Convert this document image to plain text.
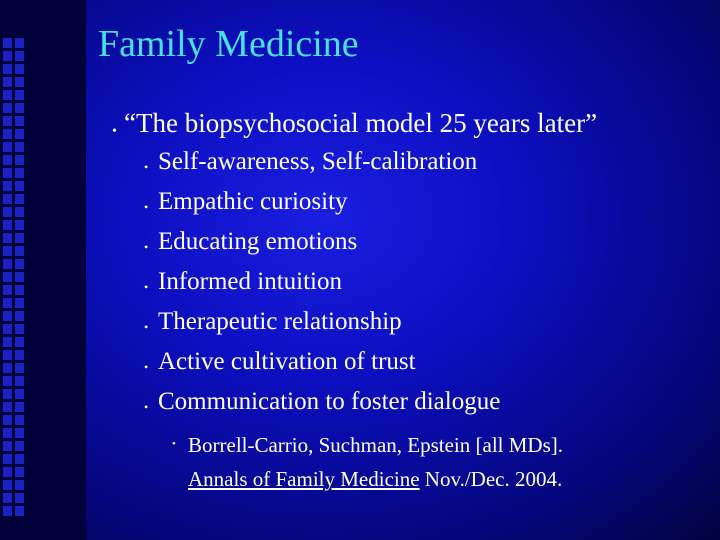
Family Medicine
• “The biopsychosocial model 25 years later”
• Self-awareness, Self-calibration
• Empathic curiosity
• Educating emotions
• Informed intuition
• Therapeutic relationship
• Active cultivation of trust
• Communication to foster dialogue
• Borrell-Carrio, Suchman, Epstein [all MDs].
Annals of Family Medicine Nov./Dec. 2004.
